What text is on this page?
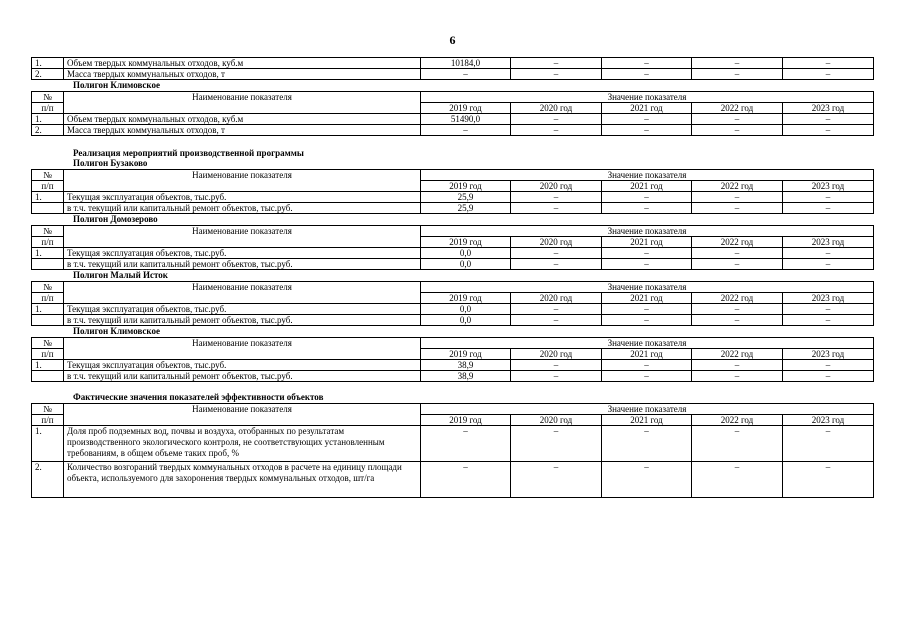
6
1.	Объем твердых коммунальных отходов, куб.м	10184,0	–	–	–	–
2.	Масса твердых коммунальных отходов, т	–	–	–	–	–
Полигон Климовское
№	Наименование показателя	Значение показателя				
п/п		2019 год	2020 год	2021 год	2022 год	2023 год
1.	Объем твердых коммунальных отходов, куб.м	51490,0	–	–	–	–
2.	Масса твердых коммунальных отходов, т	–	–	–	–	–
Реализация мероприятий производственной программы
Полигон Бузаково
№	Наименование показателя	Значение показателя				
п/п		2019 год	2020 год	2021 год	2022 год	2023 год
1.	Текущая эксплуатация объектов, тыс.руб.	25,9	–	–	–	–
	в т.ч. текущий или капитальный ремонт объектов, тыс.руб.	25,9	–	–	–	–
Полигон Домозерово
№	Наименование показателя	Значение показателя				
п/п		2019 год	2020 год	2021 год	2022 год	2023 год
1.	Текущая эксплуатация объектов, тыс.руб.	0,0	–	–	–	–
	в т.ч. текущий или капитальный ремонт объектов, тыс.руб.	0,0	–	–	–	–
Полигон Малый Исток
№	Наименование показателя	Значение показателя				
п/п		2019 год	2020 год	2021 год	2022 год	2023 год
1.	Текущая эксплуатация объектов, тыс.руб.	0,0	–	–	–	–
	в т.ч. текущий или капитальный ремонт объектов, тыс.руб.	0,0	–	–	–	–
Полигон Климовское
№	Наименование показателя	Значение показателя				
п/п		2019 год	2020 год	2021 год	2022 год	2023 год
1.	Текущая эксплуатация объектов, тыс.руб.	38,9	–	–	–	–
	в т.ч. текущий или капитальный ремонт объектов, тыс.руб.	38,9	–	–	–	–
Фактические значения показателей эффективности объектов
№	Наименование показателя	Значение показателя				
п/п		2019 год	2020 год	2021 год	2022 год	2023 год
1.	Доля проб подземных вод, почвы и воздуха, отобранных по результатам производственного экологического контроля, не соответствующих установленным требованиям, в общем объеме таких проб, %	–	–	–	–	–
2.	Количество возгораний твердых коммунальных отходов в расчете на единицу площади объекта, используемого для захоронения твердых коммунальных отходов, шт/га	–	–	–	–	–
